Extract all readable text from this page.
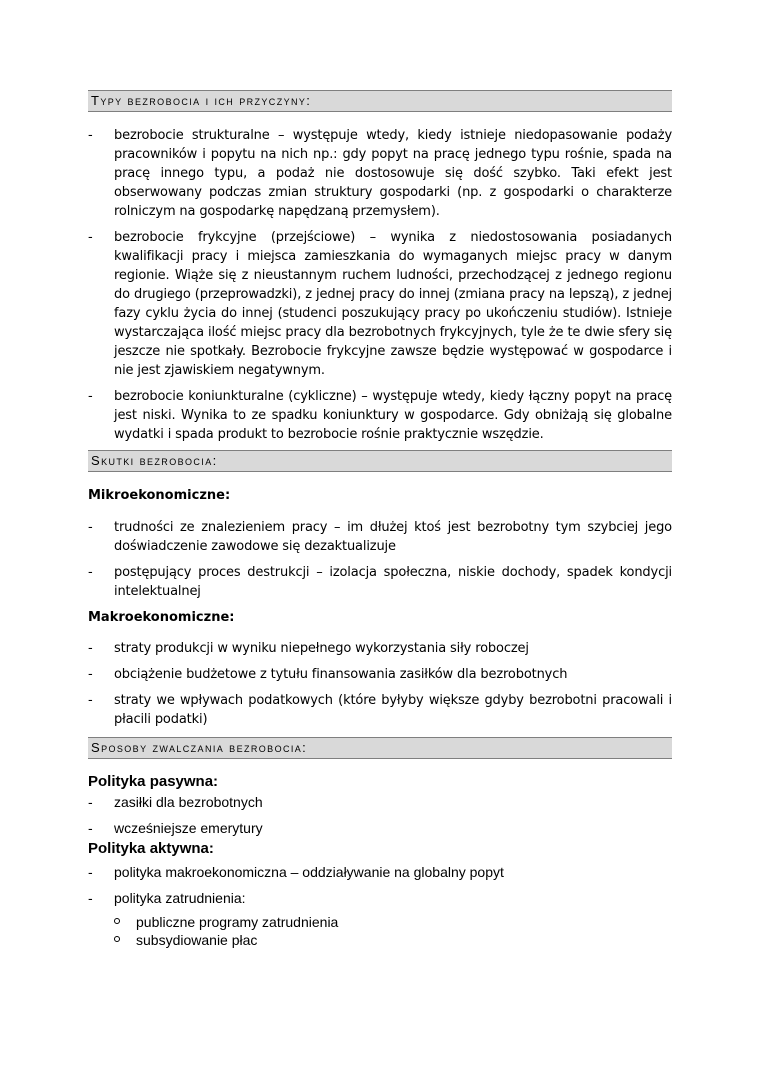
Typy bezrobocia i ich przyczyny:
- bezrobocie strukturalne – występuje wtedy, kiedy istnieje niedopasowanie podaży pracowników i popytu na nich np.: gdy popyt na pracę jednego typu rośnie, spada na pracę innego typu, a podaż nie dostosowuje się dość szybko. Taki efekt jest obserwowany podczas zmian struktury gospodarki (np. z gospodarki o charakterze rolniczym na gospodarkę napędzaną przemysłem).
- bezrobocie frykcyjne (przejściowe) – wynika z niedostosowania posiadanych kwalifikacji pracy i miejsca zamieszkania do wymaganych miejsc pracy w danym regionie. Wiąże się z nieustannym ruchem ludności, przechodzącej z jednego regionu do drugiego (przeprowadzki), z jednej pracy do innej (zmiana pracy na lepszą), z jednej fazy cyklu życia do innej (studenci poszukujący pracy po ukończeniu studiów). Istnieje wystarczająca ilość miejsc pracy dla bezrobotnych frykcyjnych, tyle że te dwie sfery się jeszcze nie spotkały. Bezrobocie frykcyjne zawsze będzie występować w gospodarce i nie jest zjawiskiem negatywnym.
- bezrobocie koniunkturalne (cykliczne) – występuje wtedy, kiedy łączny popyt na pracę jest niski. Wynika to ze spadku koniunktury w gospodarce. Gdy obniżają się globalne wydatki i spada produkt to bezrobocie rośnie praktycznie wszędzie.
Skutki bezrobocia:

Mikroekonomiczne:

- trudności ze znalezieniem pracy – im dłużej ktoś jest bezrobotny tym szybciej jego doświadczenie zawodowe się dezaktualizuje
- postępujący proces destrukcji – izolacja społeczna, niskie dochody, spadek kondycji intelektualnej

Makroekonomiczne:

- straty produkcji w wyniku niepełnego wykorzystania siły roboczej
- obciążenie budżetowe z tytułu finansowania zasiłków dla bezrobotnych
- straty we wpływach podatkowych (które byłyby większe gdyby bezrobotni pracowali i płacili podatki)
Sposoby zwalczania bezrobocia:

Polityka pasywna:

- zasiłki dla bezrobotnych
- wcześniejsze emerytury

Polityka aktywna:

- polityka makroekonomiczna – oddziaływanie na globalny popyt
- polityka zatrudnienia:
publiczne programy zatrudnienia
subsydiowanie płac
